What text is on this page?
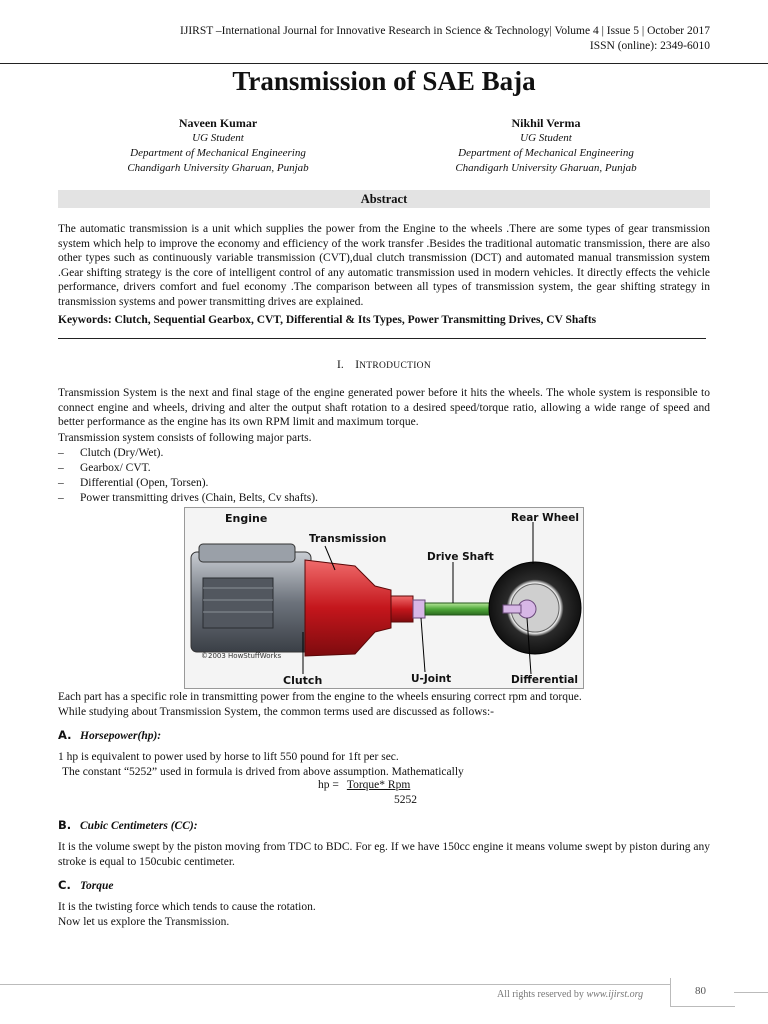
IJIRST –International Journal for Innovative Research in Science & Technology| Volume 4 | Issue 5 | October 2017
ISSN (online): 2349-6010
Transmission of SAE Baja
Naveen Kumar
UG Student
Department of Mechanical Engineering
Chandigarh University Gharuan, Punjab
Nikhil Verma
UG Student
Department of Mechanical Engineering
Chandigarh University Gharuan, Punjab
Abstract
The automatic transmission is a unit which supplies the power from the Engine to the wheels .There are some types of gear transmission system which help to improve the economy and efficiency of the work transfer .Besides the traditional automatic transmission, there are also other types such as continuously variable transmission (CVT),dual clutch transmission (DCT) and automated manual transmission system .Gear shifting strategy is the core of intelligent control of any automatic transmission used in modern vehicles. It directly effects the vehicle performance, drivers comfort and fuel economy .The comparison between all types of transmission system, the gear shifting strategy in transmission systems and power transmitting drives are explained.
Keywords: Clutch, Sequential Gearbox, CVT, Differential & Its Types, Power Transmitting Drives, CV Shafts
I. INTRODUCTION
Transmission System is the next and final stage of the engine generated power before it hits the wheels. The whole system is responsible to connect engine and wheels, driving and alter the output shaft rotation to a desired speed/torque ratio, allowing a wide range of speed and better performance as the engine has its own RPM limit and maximum torque.
Transmission system consists of following major parts.
– Clutch (Dry/Wet).
– Gearbox/ CVT.
– Differential (Open, Torsen).
– Power transmitting drives (Chain, Belts, Cv shafts).
Engine
Transmission
Drive Shaft
Rear Wheel
Clutch	U-Joint	Differential
©2003 HowStuffWorks
Each part has a specific role in transmitting power from the engine to the wheels ensuring correct rpm and torque.
While studying about Transmission System, the common terms used are discussed as follows:-
A. Horsepower(hp):
1 hp is equivalent to power used by horse to lift 550 pound for 1ft per sec.
The constant “5252” used in formula is drived from above assumption. Mathematically
hp = Torque* Rpm
5252
B. Cubic Centimeters (CC):
It is the volume swept by the piston moving from TDC to BDC. For eg. If we have 150cc engine it means volume swept by piston during any stroke is equal to 150cubic centimeter.
C. Torque
It is the twisting force which tends to cause the rotation.
Now let us explore the Transmission.
All rights reserved by www.ijirst.org	80
